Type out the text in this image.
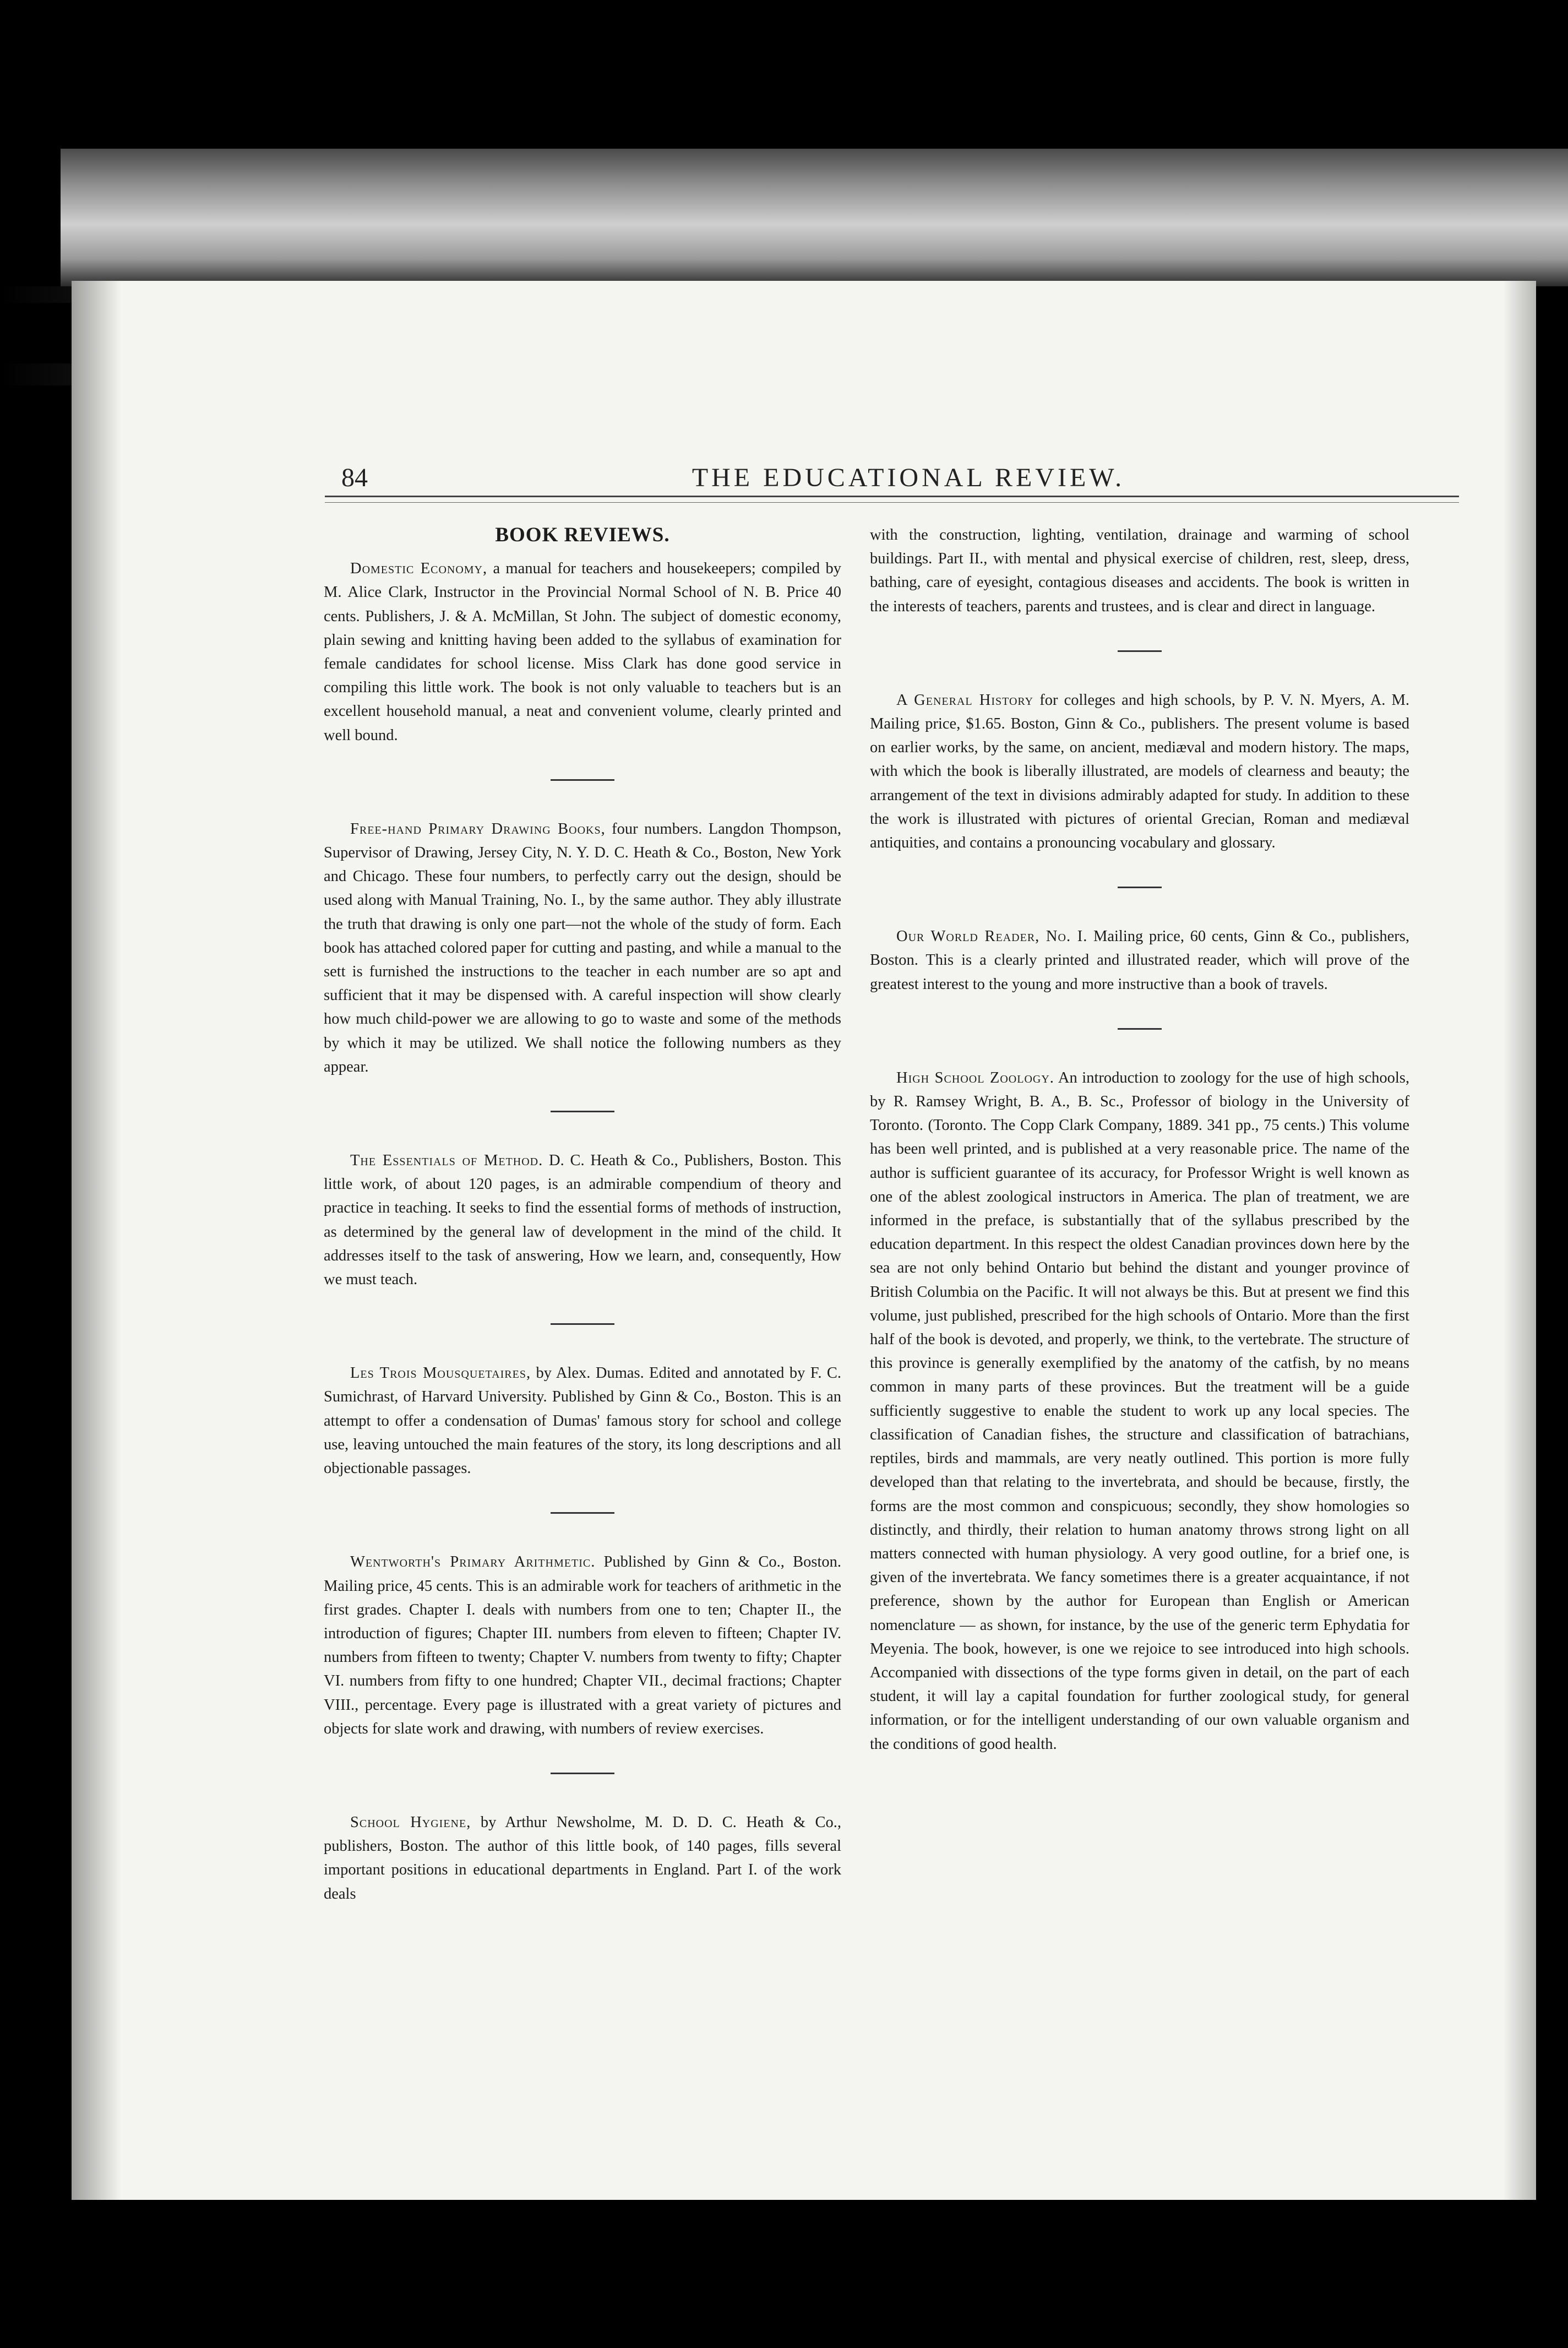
84	THE EDUCATIONAL REVIEW.
BOOK REVIEWS.

Domestic Economy, a manual for teachers and housekeepers; compiled by M. Alice Clark, Instructor in the Provincial Normal School of N. B. Price 40 cents. Publishers, J. & A. McMillan, St John. The subject of domestic economy, plain sewing and knitting having been added to the syllabus of examination for female candidates for school license. Miss Clark has done good service in compiling this little work. The book is not only valuable to teachers but is an excellent household manual, a neat and convenient volume, clearly printed and well bound.

Free-hand Primary Drawing Books, four numbers. Langdon Thompson, Supervisor of Drawing, Jersey City, N. Y. D. C. Heath & Co., Boston, New York and Chicago. These four numbers, to perfectly carry out the design, should be used along with Manual Training, No. I., by the same author. They ably illustrate the truth that drawing is only one part—not the whole of the study of form. Each book has attached colored paper for cutting and pasting, and while a manual to the sett is furnished the instructions to the teacher in each number are so apt and sufficient that it may be dispensed with. A careful inspection will show clearly how much child-power we are allowing to go to waste and some of the methods by which it may be utilized. We shall notice the following numbers as they appear.

The Essentials of Method. D. C. Heath & Co., Publishers, Boston. This little work, of about 120 pages, is an admirable compendium of theory and practice in teaching. It seeks to find the essential forms of methods of instruction, as determined by the general law of development in the mind of the child. It addresses itself to the task of answering, How we learn, and, consequently, How we must teach.

Les Trois Mousquetaires, by Alex. Dumas. Edited and annotated by F. C. Sumichrast, of Harvard University. Published by Ginn & Co., Boston. This is an attempt to offer a condensation of Dumas' famous story for school and college use, leaving untouched the main features of the story, its long descriptions and all objectionable passages.

Wentworth's Primary Arithmetic. Published by Ginn & Co., Boston. Mailing price, 45 cents. This is an admirable work for teachers of arithmetic in the first grades. Chapter I. deals with numbers from one to ten; Chapter II., the introduction of figures; Chapter III. numbers from eleven to fifteen; Chapter IV. numbers from fifteen to twenty; Chapter V. numbers from twenty to fifty; Chapter VI. numbers from fifty to one hundred; Chapter VII., decimal fractions; Chapter VIII., percentage. Every page is illustrated with a great variety of pictures and objects for slate work and drawing, with numbers of review exercises.

School Hygiene, by Arthur Newsholme, M. D. D. C. Heath & Co., publishers, Boston. The author of this little book, of 140 pages, fills several important positions in educational departments in England. Part I. of the work deals

with the construction, lighting, ventilation, drainage and warming of school buildings. Part II., with mental and physical exercise of children, rest, sleep, dress, bathing, care of eyesight, contagious diseases and accidents. The book is written in the interests of teachers, parents and trustees, and is clear and direct in language.

A General History for colleges and high schools, by P. V. N. Myers, A. M. Mailing price, $1.65. Boston, Ginn & Co., publishers. The present volume is based on earlier works, by the same, on ancient, mediæval and modern history. The maps, with which the book is liberally illustrated, are models of clearness and beauty; the arrangement of the text in divisions admirably adapted for study. In addition to these the work is illustrated with pictures of oriental Grecian, Roman and mediæval antiquities, and contains a pronouncing vocabulary and glossary.

Our World Reader, No. I. Mailing price, 60 cents, Ginn & Co., publishers, Boston. This is a clearly printed and illustrated reader, which will prove of the greatest interest to the young and more instructive than a book of travels.

High School Zoology. An introduction to zoology for the use of high schools, by R. Ramsey Wright, B. A., B. Sc., Professor of biology in the University of Toronto. (Toronto. The Copp Clark Company, 1889. 341 pp., 75 cents.) This volume has been well printed, and is published at a very reasonable price. The name of the author is sufficient guarantee of its accuracy, for Professor Wright is well known as one of the ablest zoological instructors in America. The plan of treatment, we are informed in the preface, is substantially that of the syllabus prescribed by the education department. In this respect the oldest Canadian provinces down here by the sea are not only behind Ontario but behind the distant and younger province of British Columbia on the Pacific. It will not always be this. But at present we find this volume, just published, prescribed for the high schools of Ontario. More than the first half of the book is devoted, and properly, we think, to the vertebrate. The structure of this province is generally exemplified by the anatomy of the catfish, by no means common in many parts of these provinces. But the treatment will be a guide sufficiently suggestive to enable the student to work up any local species. The classification of Canadian fishes, the structure and classification of batrachians, reptiles, birds and mammals, are very neatly outlined. This portion is more fully developed than that relating to the invertebrata, and should be because, firstly, the forms are the most common and conspicuous; secondly, they show homologies so distinctly, and thirdly, their relation to human anatomy throws strong light on all matters connected with human physiology. A very good outline, for a brief one, is given of the invertebrata. We fancy sometimes there is a greater acquaintance, if not preference, shown by the author for European than English or American nomenclature — as shown, for instance, by the use of the generic term Ephydatia for Meyenia. The book, however, is one we rejoice to see introduced into high schools. Accompanied with dissections of the type forms given in detail, on the part of each student, it will lay a capital foundation for further zoological study, for general information, or for the intelligent understanding of our own valuable organism and the conditions of good health.
